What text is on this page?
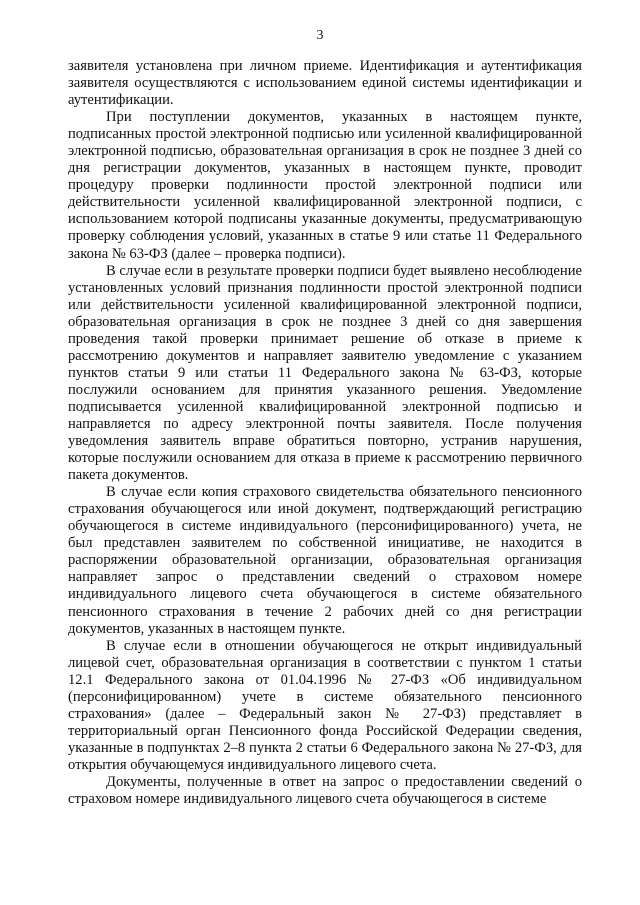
3

заявителя установлена при личном приеме. Идентификация и аутентификация заявителя осуществляются с использованием единой системы идентификации и аутентификации.

При поступлении документов, указанных в настоящем пункте, подписанных простой электронной подписью или усиленной квалифицированной электронной подписью, образовательная организация в срок не позднее 3 дней со дня регистрации документов, указанных в настоящем пункте, проводит процедуру проверки подлинности простой электронной подписи или действительности усиленной квалифицированной электронной подписи, с использованием которой подписаны указанные документы, предусматривающую проверку соблюдения условий, указанных в статье 9 или статье 11 Федерального закона № 63-ФЗ (далее – проверка подписи).

В случае если в результате проверки подписи будет выявлено несоблюдение установленных условий признания подлинности простой электронной подписи или действительности усиленной квалифицированной электронной подписи, образовательная организация в срок не позднее 3 дней со дня завершения проведения такой проверки принимает решение об отказе в приеме к рассмотрению документов и направляет заявителю уведомление с указанием пунктов статьи 9 или статьи 11 Федерального закона № 63-ФЗ, которые послужили основанием для принятия указанного решения. Уведомление подписывается усиленной квалифицированной электронной подписью и направляется по адресу электронной почты заявителя. После получения уведомления заявитель вправе обратиться повторно, устранив нарушения, которые послужили основанием для отказа в приеме к рассмотрению первичного пакета документов.

В случае если копия страхового свидетельства обязательного пенсионного страхования обучающегося или иной документ, подтверждающий регистрацию обучающегося в системе индивидуального (персонифицированного) учета, не был представлен заявителем по собственной инициативе, не находится в распоряжении образовательной организации, образовательная организация направляет запрос о представлении сведений о страховом номере индивидуального лицевого счета обучающегося в системе обязательного пенсионного страхования в течение 2 рабочих дней со дня регистрации документов, указанных в настоящем пункте.

В случае если в отношении обучающегося не открыт индивидуальный лицевой счет, образовательная организация в соответствии с пунктом 1 статьи 12.1 Федерального закона от 01.04.1996 № 27-ФЗ «Об индивидуальном (персонифицированном) учете в системе обязательного пенсионного страхования» (далее – Федеральный закон № 27-ФЗ) представляет в территориальный орган Пенсионного фонда Российской Федерации сведения, указанные в подпунктах 2–8 пункта 2 статьи 6 Федерального закона № 27-ФЗ, для открытия обучающемуся индивидуального лицевого счета.

Документы, полученные в ответ на запрос о предоставлении сведений о страховом номере индивидуального лицевого счета обучающегося в системе
